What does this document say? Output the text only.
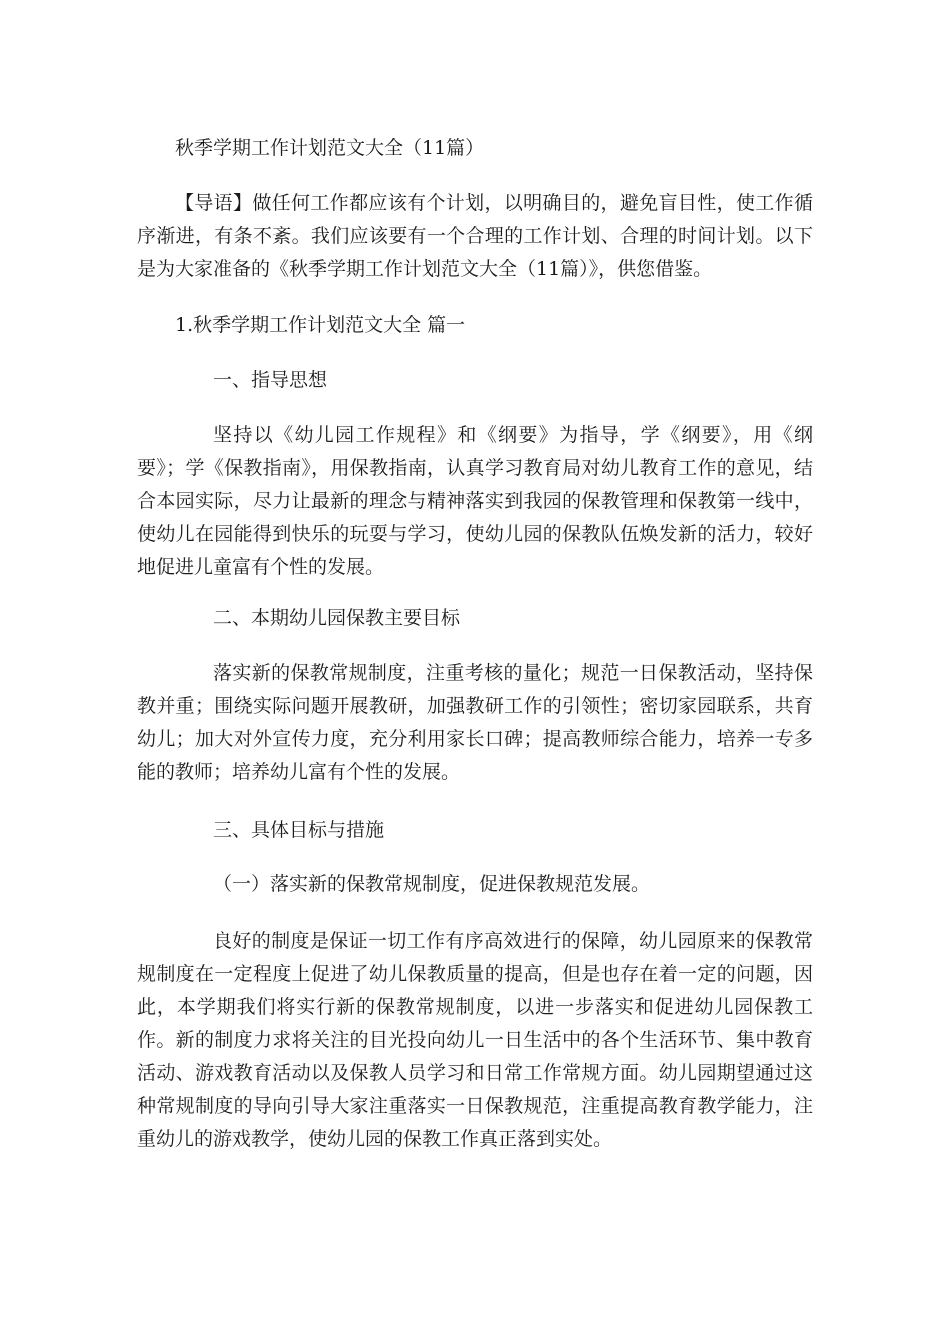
秋季学期工作计划范文大全（11篇）

【导语】做任何工作都应该有个计划，以明确目的，避免盲目性，使工作循序渐进，有条不紊。我们应该要有一个合理的工作计划、合理的时间计划。以下是为大家准备的《秋季学期工作计划范文大全（11篇）》，供您借鉴。

1.秋季学期工作计划范文大全 篇一

一、指导思想

坚持以《幼儿园工作规程》和《纲要》为指导，学《纲要》，用《纲要》；学《保教指南》，用保教指南，认真学习教育局对幼儿教育工作的意见，结合本园实际，尽力让最新的理念与精神落实到我园的保教管理和保教第一线中，使幼儿在园能得到快乐的玩耍与学习，使幼儿园的保教队伍焕发新的活力，较好地促进儿童富有个性的发展。

二、本期幼儿园保教主要目标

落实新的保教常规制度，注重考核的量化；规范一日保教活动，坚持保教并重；围绕实际问题开展教研，加强教研工作的引领性；密切家园联系，共育幼儿；加大对外宣传力度，充分利用家长口碑；提高教师综合能力，培养一专多能的教师；培养幼儿富有个性的发展。

三、具体目标与措施

（一）落实新的保教常规制度，促进保教规范发展。

良好的制度是保证一切工作有序高效进行的保障，幼儿园原来的保教常规制度在一定程度上促进了幼儿保教质量的提高，但是也存在着一定的问题，因此，本学期我们将实行新的保教常规制度，以进一步落实和促进幼儿园保教工作。新的制度力求将关注的目光投向幼儿一日生活中的各个生活环节、集中教育活动、游戏教育活动以及保教人员学习和日常工作常规方面。幼儿园期望通过这种常规制度的导向引导大家注重落实一日保教规范，注重提高教育教学能力，注重幼儿的游戏教学，使幼儿园的保教工作真正落到实处。
